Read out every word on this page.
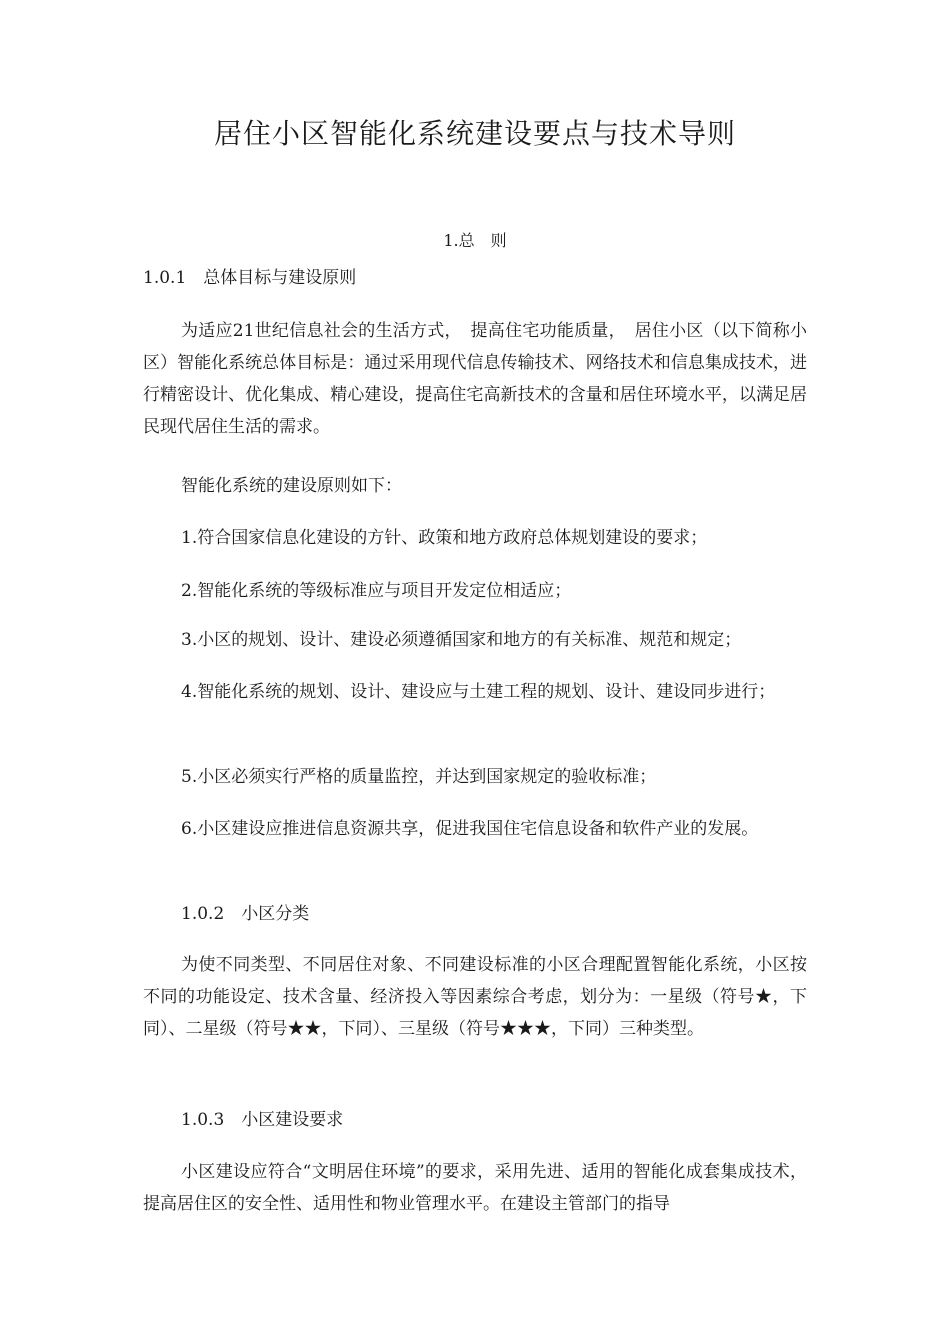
居住小区智能化系统建设要点与技术导则
1.总　则

1.0.1　总体目标与建设原则

为适应21世纪信息社会的生活方式，　提高住宅功能质量，　居住小区（以下简称小区）智能化系统总体目标是：通过采用现代信息传输技术、网络技术和信息集成技术，进行精密设计、优化集成、精心建设，提高住宅高新技术的含量和居住环境水平，以满足居民现代居住生活的需求。

智能化系统的建设原则如下：

1.符合国家信息化建设的方针、政策和地方政府总体规划建设的要求；

2.智能化系统的等级标准应与项目开发定位相适应；

3.小区的规划、设计、建设必须遵循国家和地方的有关标准、规范和规定；

4.智能化系统的规划、设计、建设应与土建工程的规划、设计、建设同步进行；

5.小区必须实行严格的质量监控，并达到国家规定的验收标准；

6.小区建设应推进信息资源共享，促进我国住宅信息设备和软件产业的发展。

1.0.2　小区分类

为使不同类型、不同居住对象、不同建设标准的小区合理配置智能化系统，小区按不同的功能设定、技术含量、经济投入等因素综合考虑，划分为：一星级（符号★，下同）、二星级（符号★★，下同）、三星级（符号★★★，下同）三种类型。

1.0.3　小区建设要求

小区建设应符合“文明居住环境”的要求，采用先进、适用的智能化成套集成技术，提高居住区的安全性、适用性和物业管理水平。在建设主管部门的指导
